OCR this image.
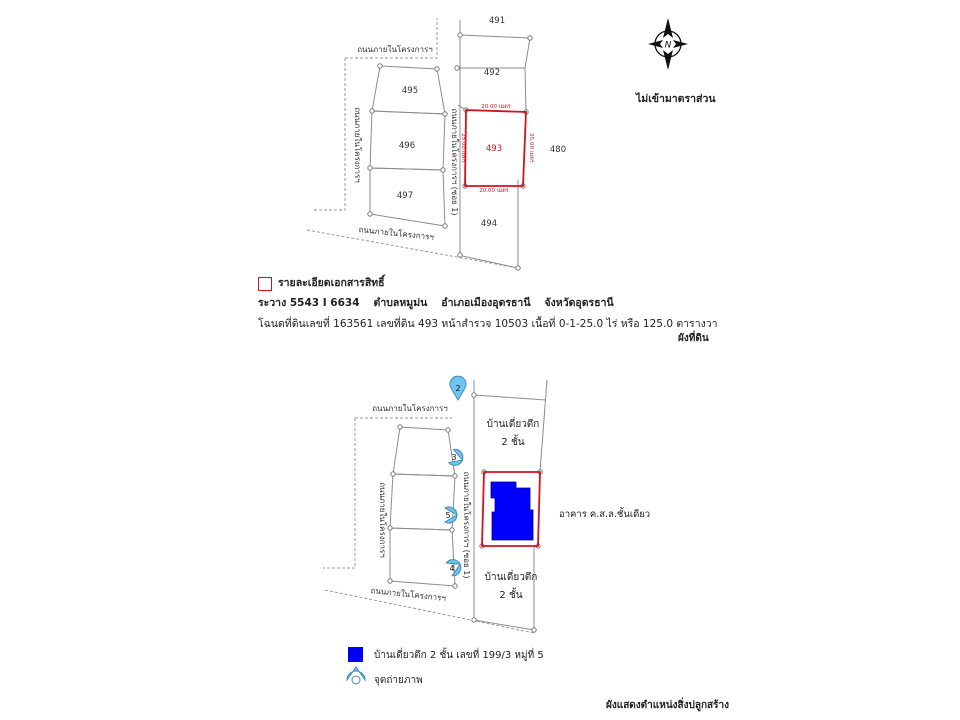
491
492
495
496
497
494
480
493
20.00 เมตร
20.00 เมตร
25.00 เมตร
25.00 เมตร
ถนนภายในโครงการฯ
ถนนภายในโครงการฯ
ถนนภายในโครงการฯ	ถนนภายในโครงการฯ (ซอย 1)
N
ถนนภายในโครงการฯ
ถนนภายในโครงการฯ
ถนนภายในโครงการฯ	ถนนภายในโครงการฯ (ซอย 1)
บ้านเดี่ยวตึก
2 ชั้น
บ้านเดี่ยวตึก
2 ชั้น
อาคาร ค.ส.ล.ชั้นเดียว
2
3
5
4
ไม่เข้ามาตราส่วน
รายละเอียดเอกสารสิทธิ์
ระวาง 5543 I 6634 ตำบลหมูม่น อำเภอเมืองอุดรธานี จังหวัดอุดรธานี
โฉนดที่ดินเลขที่ 163561 เลขที่ดิน 493 หน้าสำรวจ 10503 เนื้อที่ 0-1-25.0 ไร่ หรือ 125.0 ตารางวา
ผังที่ดิน
บ้านเดี่ยวตึก 2 ชั้น เลขที่ 199/3 หมู่ที่ 5
จุดถ่ายภาพ
ผังแสดงตำแหน่งสิ่งปลูกสร้าง
